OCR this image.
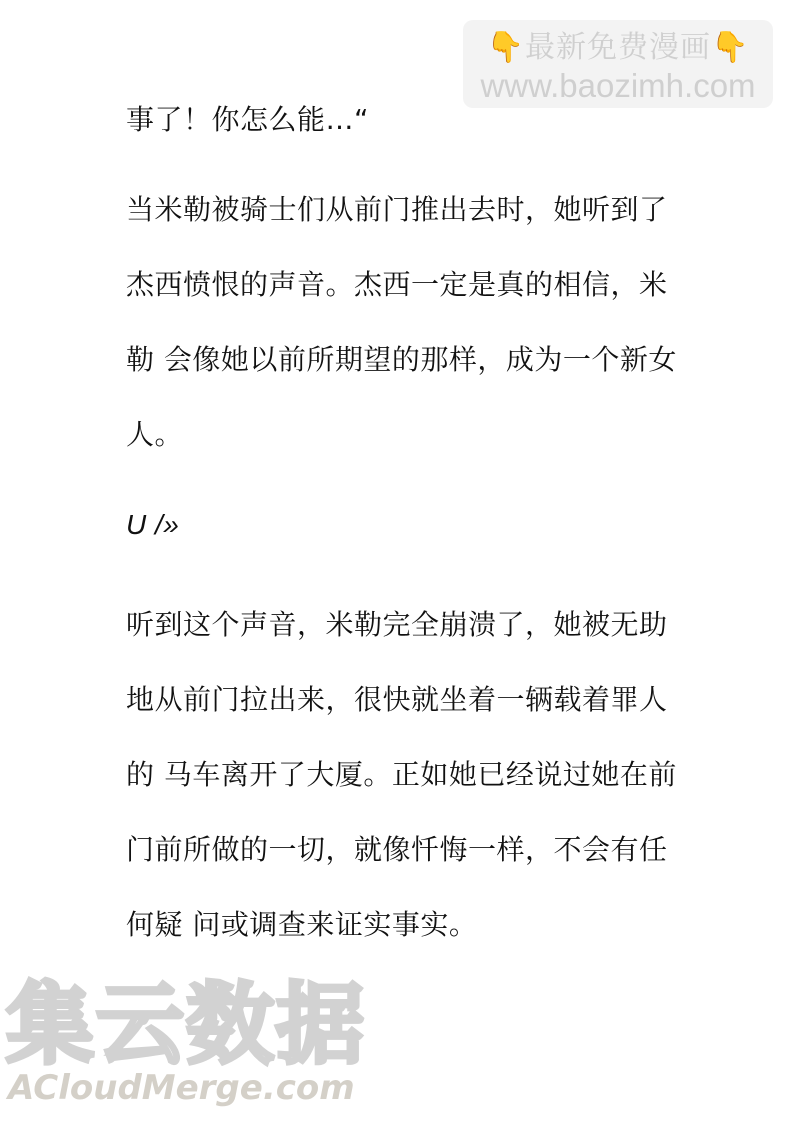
👇最新免费漫画👇
www.baozimh.com
事了！你怎么能…“
当米勒被骑士们从前门推出去时，她听到了
杰西愤恨的声音。杰西一定是真的相信，米
勒 会像她以前所期望的那样，成为一个新女
人。
U /»
听到这个声音，米勒完全崩溃了，她被无助
地从前门拉出来，很快就坐着一辆载着罪人
的 马车离开了大厦。正如她已经说过她在前
门前所做的一切，就像忏悔一样，不会有任
何疑 问或调查来证实事实。
集云数据
ACloudMerge.com
